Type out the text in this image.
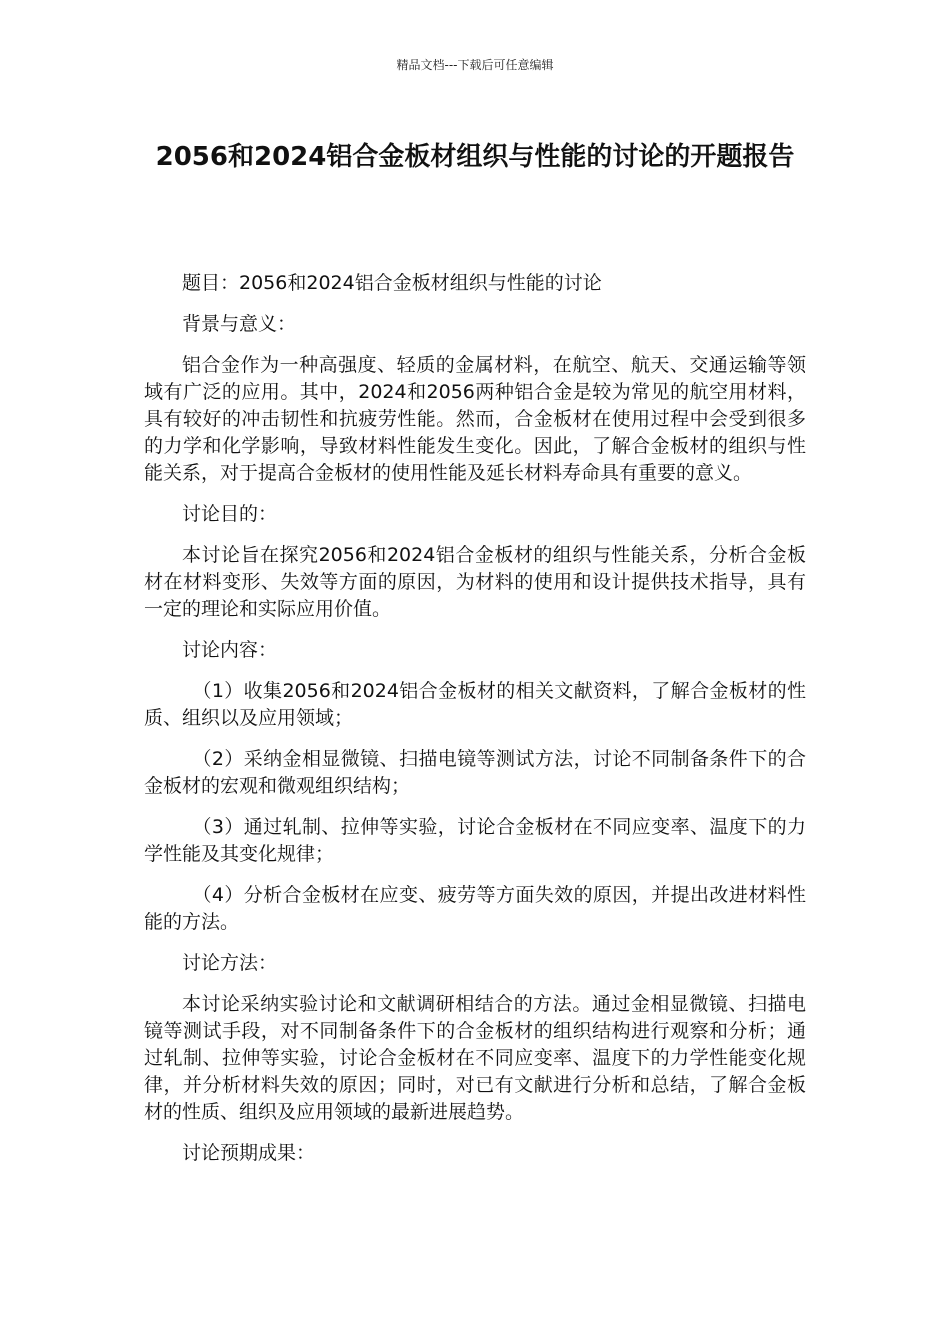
精品文档---下载后可任意编辑
2056和2024铝合金板材组织与性能的讨论的开题报告

题目：2056和2024铝合金板材组织与性能的讨论

背景与意义：

铝合金作为一种高强度、轻质的金属材料，在航空、航天、交通运输等领域有广泛的应用。其中，2024和2056两种铝合金是较为常见的航空用材料，具有较好的冲击韧性和抗疲劳性能。然而，合金板材在使用过程中会受到很多的力学和化学影响，导致材料性能发生变化。因此，了解合金板材的组织与性能关系，对于提高合金板材的使用性能及延长材料寿命具有重要的意义。

讨论目的：

本讨论旨在探究2056和2024铝合金板材的组织与性能关系，分析合金板材在材料变形、失效等方面的原因，为材料的使用和设计提供技术指导，具有一定的理论和实际应用价值。

讨论内容：

（1）收集2056和2024铝合金板材的相关文献资料，了解合金板材的性质、组织以及应用领域；

（2）采纳金相显微镜、扫描电镜等测试方法，讨论不同制备条件下的合金板材的宏观和微观组织结构；

（3）通过轧制、拉伸等实验，讨论合金板材在不同应变率、温度下的力学性能及其变化规律；

（4）分析合金板材在应变、疲劳等方面失效的原因，并提出改进材料性能的方法。

讨论方法：

本讨论采纳实验讨论和文献调研相结合的方法。通过金相显微镜、扫描电镜等测试手段，对不同制备条件下的合金板材的组织结构进行观察和分析；通过轧制、拉伸等实验，讨论合金板材在不同应变率、温度下的力学性能变化规律，并分析材料失效的原因；同时，对已有文献进行分析和总结，了解合金板材的性质、组织及应用领域的最新进展趋势。

讨论预期成果：
